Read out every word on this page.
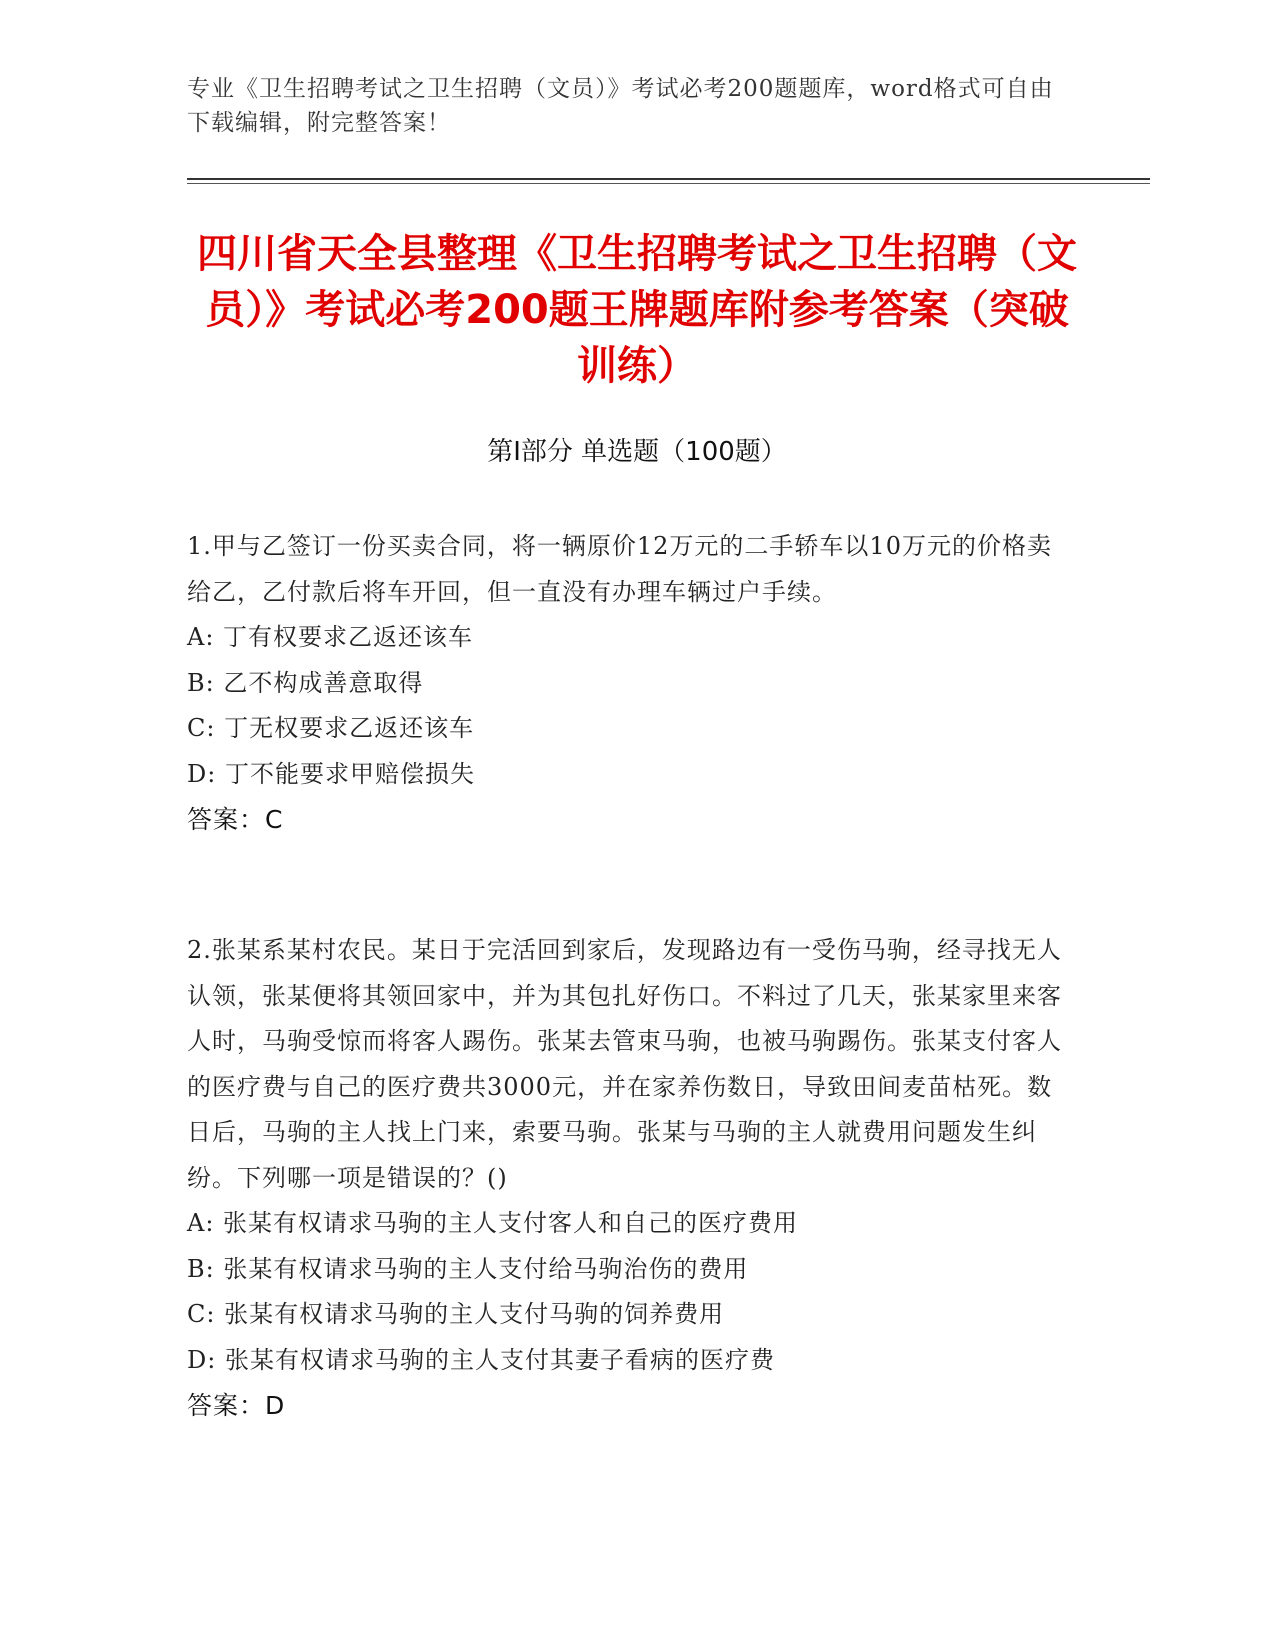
专业《卫生招聘考试之卫生招聘（文员）》考试必考200题题库，word格式可自由下载编辑，附完整答案！
四川省天全县整理《卫生招聘考试之卫生招聘（文员）》考试必考200题王牌题库附参考答案（突破训练）
第I部分 单选题（100题）

1.甲与乙签订一份买卖合同，将一辆原价12万元的二手轿车以10万元的价格卖给乙，乙付款后将车开回，但一直没有办理车辆过户手续。

A: 丁有权要求乙返还该车

B: 乙不构成善意取得

C: 丁无权要求乙返还该车

D: 丁不能要求甲赔偿损失

答案：C

2.张某系某村农民。某日于完活回到家后，发现路边有一受伤马驹，经寻找无人认领，张某便将其领回家中，并为其包扎好伤口。不料过了几天，张某家里来客人时，马驹受惊而将客人踢伤。张某去管束马驹，也被马驹踢伤。张某支付客人的医疗费与自己的医疗费共3000元，并在家养伤数日，导致田间麦苗枯死。数日后，马驹的主人找上门来，索要马驹。张某与马驹的主人就费用问题发生纠纷。下列哪一项是错误的？()

A: 张某有权请求马驹的主人支付客人和自己的医疗费用

B: 张某有权请求马驹的主人支付给马驹治伤的费用

C: 张某有权请求马驹的主人支付马驹的饲养费用

D: 张某有权请求马驹的主人支付其妻子看病的医疗费

答案：D
